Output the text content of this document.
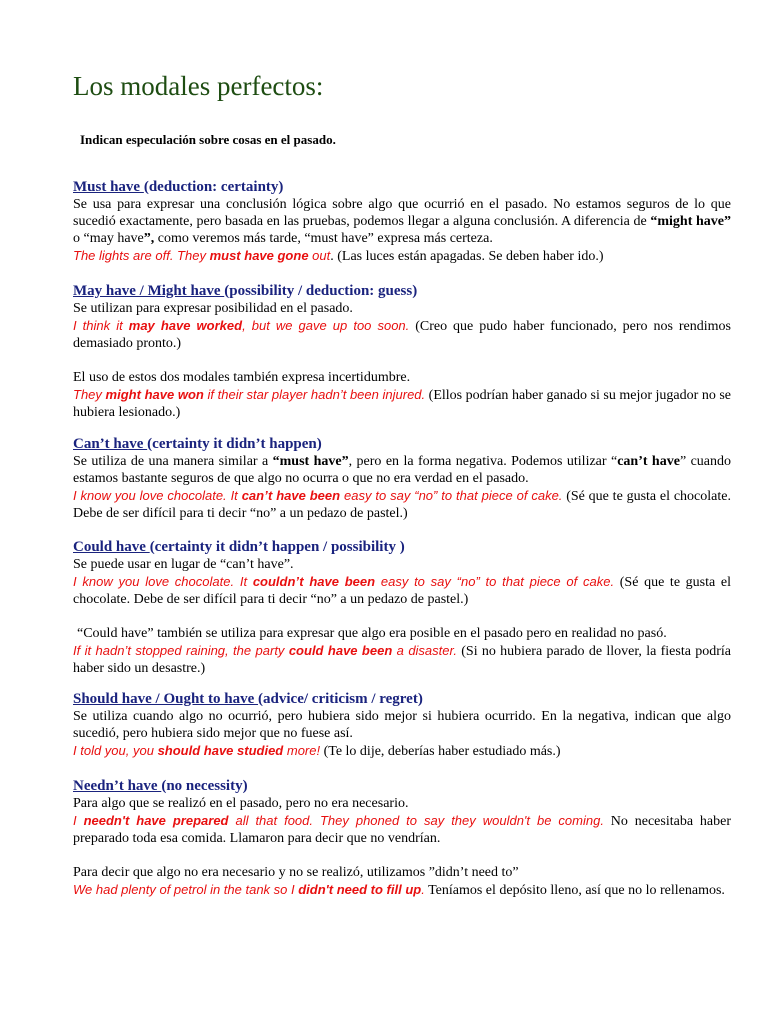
Los modales perfectos:
Indican especulación sobre cosas en el pasado.
Must have (deduction: certainty)

Se usa para expresar una conclusión lógica sobre algo que ocurrió en el pasado. No estamos seguros de lo que sucedió exactamente, pero basada en las pruebas, podemos llegar a alguna conclusión. A diferencia de “might have” o “may have”, como veremos más tarde, “must have” expresa más certeza.

The lights are off. They must have gone out. (Las luces están apagadas. Se deben haber ido.)

May have / Might have (possibility / deduction: guess)

Se utilizan para expresar posibilidad en el pasado.

I think it may have worked, but we gave up too soon. (Creo que pudo haber funcionado, pero nos rendimos demasiado pronto.)

El uso de estos dos modales también expresa incertidumbre.

They might have won if their star player hadn’t been injured. (Ellos podrían haber ganado si su mejor jugador no se hubiera lesionado.)

Can’t have (certainty it didn’t happen)

Se utiliza de una manera similar a “must have”, pero en la forma negativa. Podemos utilizar “can’t have” cuando estamos bastante seguros de que algo no ocurra o que no era verdad en el pasado.

I know you love chocolate. It can’t have been easy to say “no” to that piece of cake. (Sé que te gusta el chocolate. Debe de ser difícil para ti decir “no” a un pedazo de pastel.)

Could have (certainty it didn’t happen / possibility )

Se puede usar en lugar de “can’t have”.

I know you love chocolate. It couldn’t have been easy to say “no” to that piece of cake. (Sé que te gusta el chocolate. Debe de ser difícil para ti decir “no” a un pedazo de pastel.)

“Could have” también se utiliza para expresar que algo era posible en el pasado pero en realidad no pasó.

If it hadn’t stopped raining, the party could have been a disaster. (Si no hubiera parado de llover, la fiesta podría haber sido un desastre.)

Should have / Ought to have (advice/ criticism / regret)

Se utiliza cuando algo no ocurrió, pero hubiera sido mejor si hubiera ocurrido. En la negativa, indican que algo sucedió, pero hubiera sido mejor que no fuese así.

I told you, you should have studied more! (Te lo dije, deberías haber estudiado más.)

Needn’t have (no necessity)

Para algo que se realizó en el pasado, pero no era necesario.

I needn't have prepared all that food. They phoned to say they wouldn't be coming. No necesitaba haber preparado toda esa comida. Llamaron para decir que no vendrían.

Para decir que algo no era necesario y no se realizó, utilizamos ”didn’t need to”

We had plenty of petrol in the tank so I didn't need to fill up. Teníamos el depósito lleno, así que no lo rellenamos.
